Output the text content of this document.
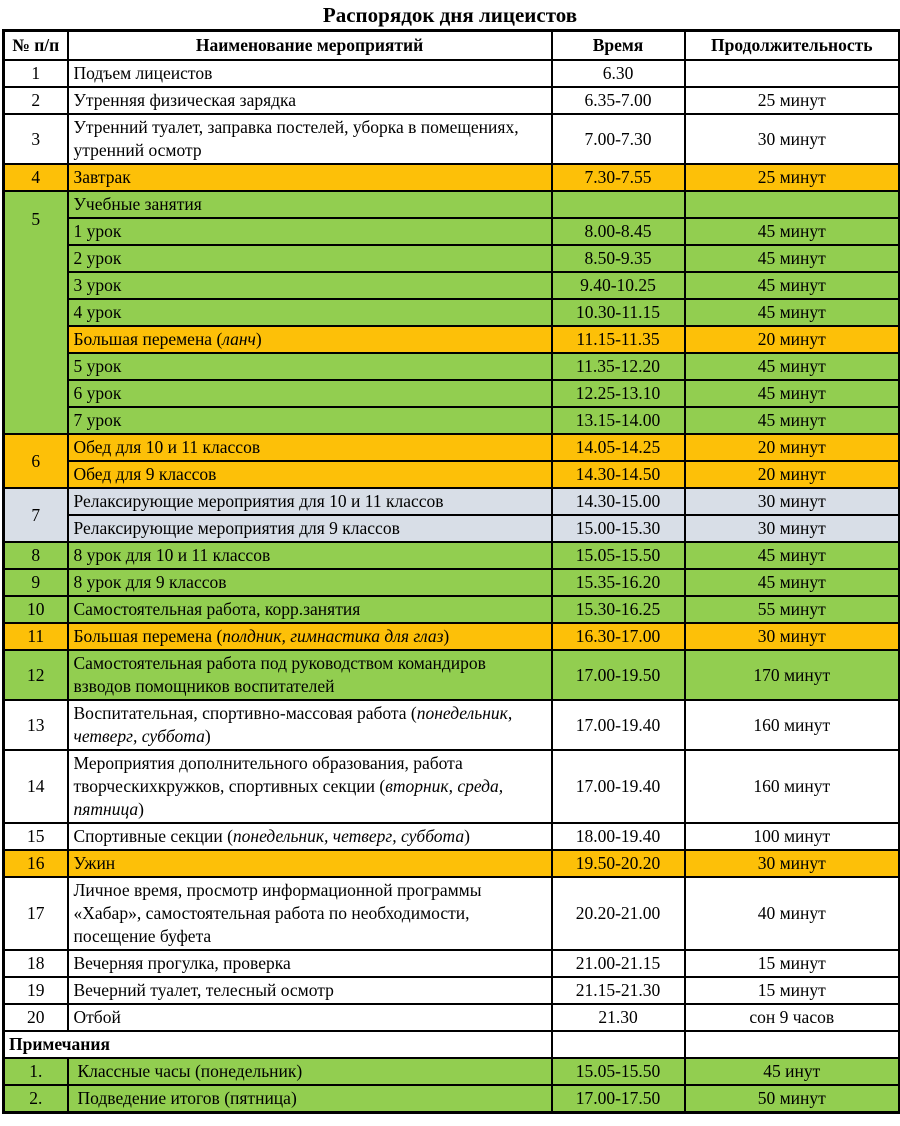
Распорядок дня лицеистов
№ п/п	Наименование мероприятий	Время	Продолжительность
1	Подъем лицеистов	6.30	
2	Утренняя физическая зарядка	6.35-7.00	25 минут
3	Утренний туалет, заправка постелей, уборка в помещениях, утренний осмотр	7.00-7.30	30 минут
4	Завтрак	7.30-7.55	25 минут
5	Учебные занятия		
	1 урок	8.00-8.45	45 минут
	2 урок	8.50-9.35	45 минут
	3 урок	9.40-10.25	45 минут
	4 урок	10.30-11.15	45 минут
	Большая перемена (ланч)	11.15-11.35	20 минут
	5 урок	11.35-12.20	45 минут
	6 урок	12.25-13.10	45 минут
	7 урок	13.15-14.00	45 минут
6	Обед для 10 и 11 классов	14.05-14.25	20 минут
	Обед для 9 классов	14.30-14.50	20 минут
7	Релаксирующие мероприятия для 10 и 11 классов	14.30-15.00	30 минут
	Релаксирующие мероприятия для 9 классов	15.00-15.30	30 минут
8	8 урок для 10 и 11 классов	15.05-15.50	45 минут
9	8 урок для 9 классов	15.35-16.20	45 минут
10	Самостоятельная работа, корр.занятия	15.30-16.25	55 минут
11	Большая перемена (полдник, гимнастика для глаз)	16.30-17.00	30 минут
12	Самостоятельная работа под руководством командиров взводов помощников воспитателей	17.00-19.50	170 минут
13	Воспитательная, спортивно-массовая работа (понедельник, четверг, суббота)	17.00-19.40	160 минут
14	Мероприятия дополнительного образования, работа творческихкружков, спортивных секции (вторник, среда, пятница)	17.00-19.40	160 минут
15	Спортивные секции (понедельник, четверг, суббота)	18.00-19.40	100 минут
16	Ужин	19.50-20.20	30 минут
17	Личное время, просмотр информационной программы «Хабар», самостоятельная работа по необходимости, посещение буфета	20.20-21.00	40 минут
18	Вечерняя прогулка, проверка	21.00-21.15	15 минут
19	Вечерний туалет, телесный осмотр	21.15-21.30	15 минут
20	Отбой	21.30	сон 9 часов
Примечания			
1.	Классные часы (понедельник)	15.05-15.50	45 инут
2.	Подведение итогов (пятница)	17.00-17.50	50 минут
